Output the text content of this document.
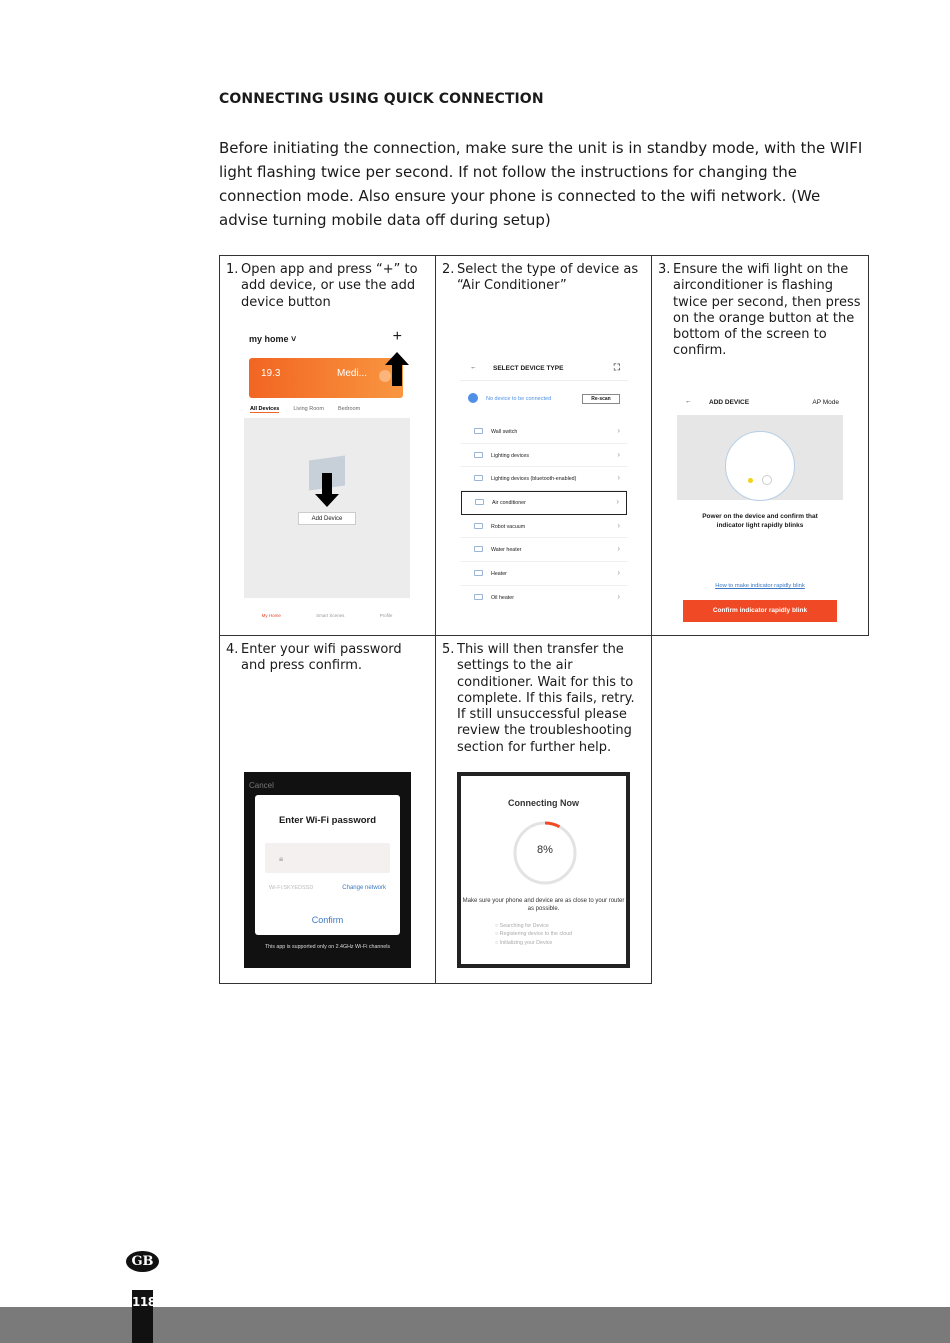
CONNECTING USING QUICK CONNECTION
Before initiating the connection, make sure the unit is in standby mode, with the WIFI light flashing twice per second. If not follow the instructions for changing the connection mode. Also ensure your phone is connected to the wifi network. (We advise turning mobile data off during setup)
1. Open app and press “+” to add device, or use the add device button	2. Select the type of device as “Air Conditioner”	3. Ensure the wifi light on the airconditioner is flashing twice per second, then press on the orange button at the bottom of the screen to confirm.

4. Enter your wifi password and press confirm.	5. This will then transfer the settings to the air conditioner. Wait for this to complete. If this fails, retry. If still unsuccessful please review the troubleshooting section for further help.	

my home ˅	+
19.3	Medi...
All Devices	Living Room	Bedroom
Add Device
My Home	Smart Scenes	Profile
←	SELECT DEVICE TYPE	⛶
No device to be connected	Re-scan
Wall switch	›
Lighting devices	›
Lighting devices (bluetooth-enabled)	›
Air conditioner	›
Robot vacuum	›
Water heater	›
Heater	›
Oil heater	›
←	ADD DEVICE	AP Mode
Power on the device and confirm that indicator light rapidly blinks
How to make indicator rapidly blink
Confirm indicator rapidly blink
Cancel
Enter Wi-Fi password
🔒︎
Wi-Fi:SKYEDSSD	Change network
Confirm
This app is supported only on 2.4GHz Wi-Fi channels
Connecting Now
8%
Make sure your phone and device are as close to your router as possible.
○ Searching for Device
○ Registering device to the cloud
○ Initializing your Device
GB
118
